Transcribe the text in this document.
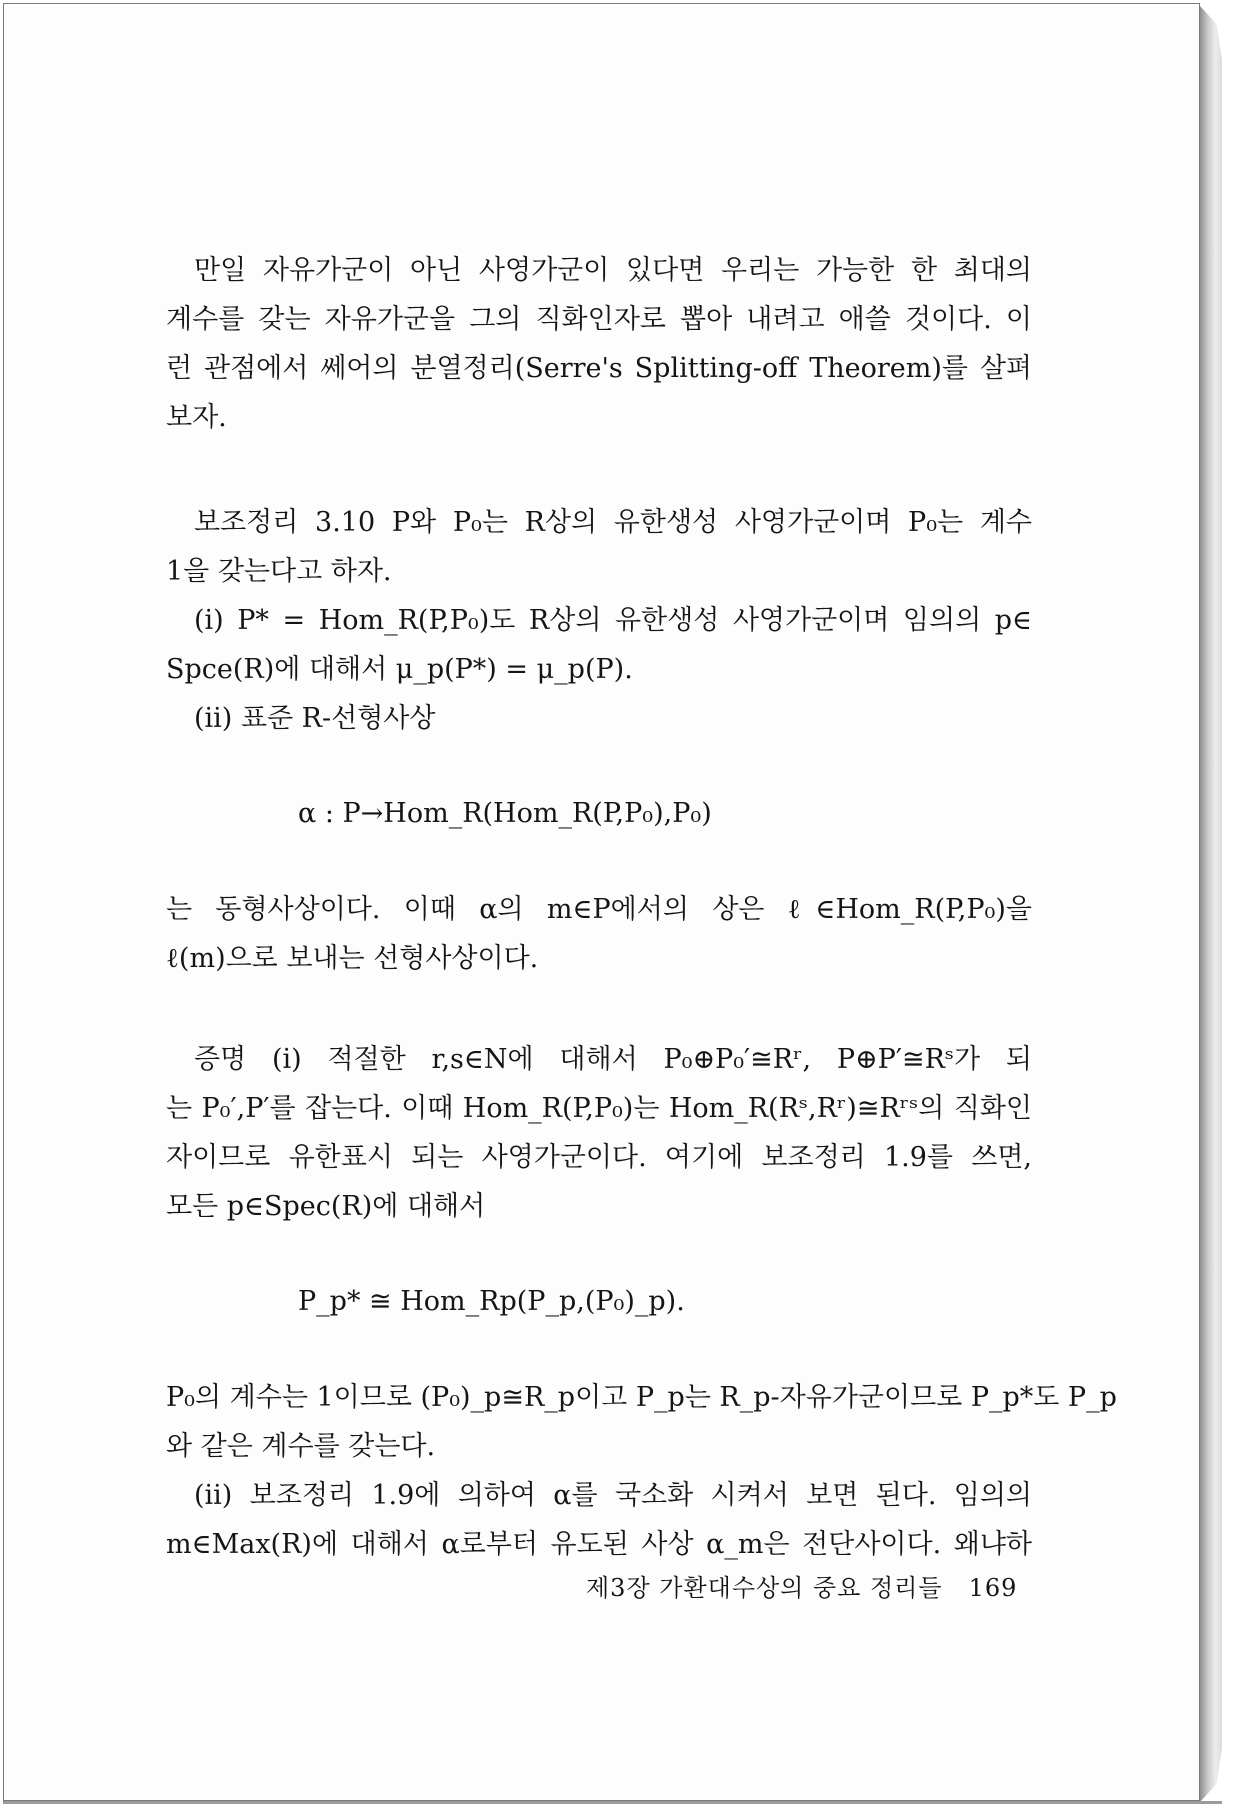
만일 자유가군이 아닌 사영가군이 있다면 우리는 가능한 한 최대의
계수를 갖는 자유가군을 그의 직화인자로 뽑아 내려고 애쓸 것이다. 이
런 관점에서 쎄어의 분열정리(Serre's Splitting-off Theorem)를 살펴
보자.
보조정리 3.10 P와 P₀는 R상의 유한생성 사영가군이며 P₀는 계수
1을 갖는다고 하자.
(i) P* = Hom_R(P,P₀)도 R상의 유한생성 사영가군이며 임의의 p∈
Spce(R)에 대해서 μ_p(P*) = μ_p(P).
(ii) 표준 R-선형사상
α : P→Hom_R(Hom_R(P,P₀),P₀)
는 동형사상이다. 이때 α의 m∈P에서의 상은 ℓ∈Hom_R(P,P₀)을
ℓ(m)으로 보내는 선형사상이다.
증명 (i) 적절한 r,s∈N에 대해서 P₀⊕P₀′≅Rʳ, P⊕P′≅Rˢ가 되
는 P₀′,P′를 잡는다. 이때 Hom_R(P,P₀)는 Hom_R(Rˢ,Rʳ)≅Rʳˢ의 직화인
자이므로 유한표시 되는 사영가군이다. 여기에 보조정리 1.9를 쓰면,
모든 p∈Spec(R)에 대해서
P_p* ≅ Hom_Rp(P_p,(P₀)_p).
P₀의 계수는 1이므로 (P₀)_p≅R_p이고 P_p는 R_p-자유가군이므로 P_p*도 P_p
와 같은 계수를 갖는다.
(ii) 보조정리 1.9에 의하여 α를 국소화 시켜서 보면 된다. 임의의
m∈Max(R)에 대해서 α로부터 유도된 사상 α_m은 전단사이다. 왜냐하
제3장 가환대수상의 중요 정리들 169
